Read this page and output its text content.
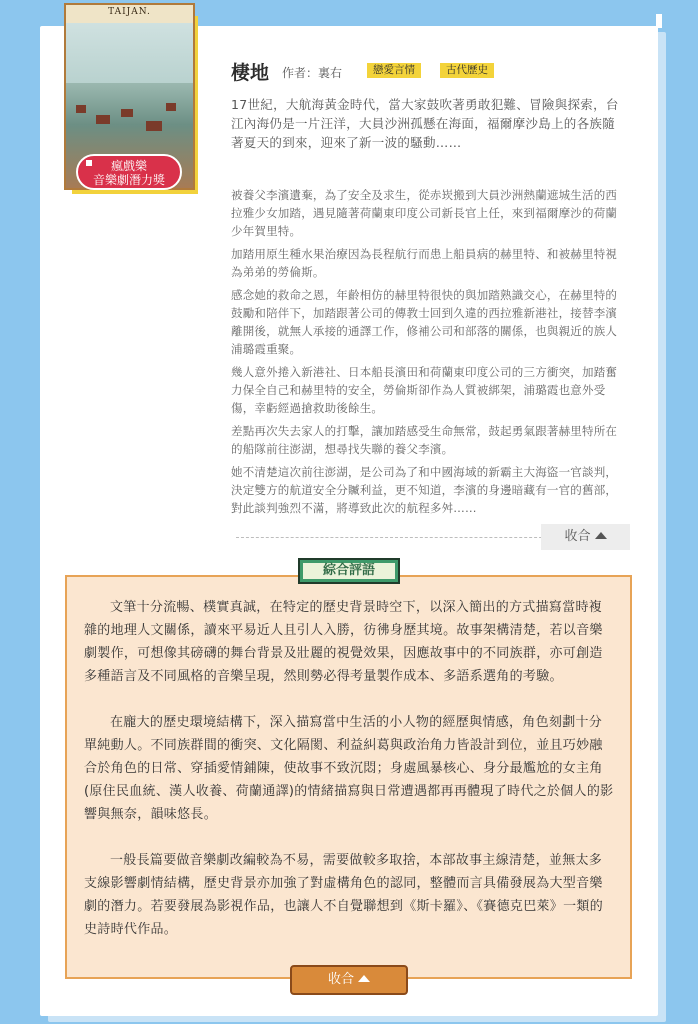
TAIJAN.
瘋戲樂
音樂劇潛力獎
棲地 作者：裏右	戀愛言情	古代歷史
17世紀，大航海黃金時代，當大家鼓吹著勇敢犯難、冒險與探索，台江內海仍是一片汪洋，大員沙洲孤懸在海面，福爾摩沙島上的各族隨著夏天的到來，迎來了新一波的騷動……

被養父李濱遺棄，為了安全及求生，從赤崁搬到大員沙洲熱蘭遮城生活的西拉雅少女加踏，遇見隨著荷蘭東印度公司新長官上任，來到福爾摩沙的荷蘭少年賀里特。

加踏用原生種水果治療因為長程航行而患上船員病的赫里特、和被赫里特視為弟弟的勞倫斯。

感念她的救命之恩，年齡相仿的赫里特很快的與加踏熟識交心，在赫里特的鼓勵和陪伴下，加踏跟著公司的傳教士回到久違的西拉雅新港社，接替李濱離開後，就無人承接的通譯工作，修補公司和部落的關係，也與親近的族人浦璐霞重聚。

幾人意外捲入新港社、日本船長濱田和荷蘭東印度公司的三方衝突，加踏奮力保全自己和赫里特的安全，勞倫斯卻作為人質被綁架，浦璐霞也意外受傷，幸虧經過搶救助後餘生。

差點再次失去家人的打擊，讓加踏感受生命無常，鼓起勇氣跟著赫里特所在的船隊前往澎湖，想尋找失聯的養父李濱。

她不清楚這次前往澎湖，是公司為了和中國海域的新霸主大海盜一官談判，決定雙方的航道安全分贓利益，更不知道，李濱的身邊暗藏有一官的舊部，對此談判強烈不滿，將導致此次的航程多舛……

收合
綜合評語

文筆十分流暢、樸實真誠，在特定的歷史背景時空下，以深入簡出的方式描寫當時複雜的地理人文關係，讀來平易近人且引人入勝，彷彿身歷其境。故事架構清楚，若以音樂劇製作，可想像其磅礴的舞台背景及壯麗的視覺效果，因應故事中的不同族群，亦可創造多種語言及不同風格的音樂呈現，然則勢必得考量製作成本、多語系選角的考驗。

在龐大的歷史環境結構下，深入描寫當中生活的小人物的經歷與情感，角色刻劃十分單純動人。不同族群間的衝突、文化隔閡、利益糾葛與政治角力皆設計到位，並且巧妙融合於角色的日常、穿插愛情鋪陳，使故事不致沉悶；身處風暴核心、身分最尷尬的女主角(原住民血統、漢人收養、荷蘭通譯)的情緒描寫與日常遭遇都再再體現了時代之於個人的影響與無奈，韻味悠長。

一般長篇要做音樂劇改編較為不易，需要做較多取捨，本部故事主線清楚，並無太多支線影響劇情結構，歷史背景亦加強了對虛構角色的認同，整體而言具備發展為大型音樂劇的潛力。若要發展為影視作品，也讓人不自覺聯想到《斯卡羅》、《賽德克巴萊》一類的史詩時代作品。

收合
